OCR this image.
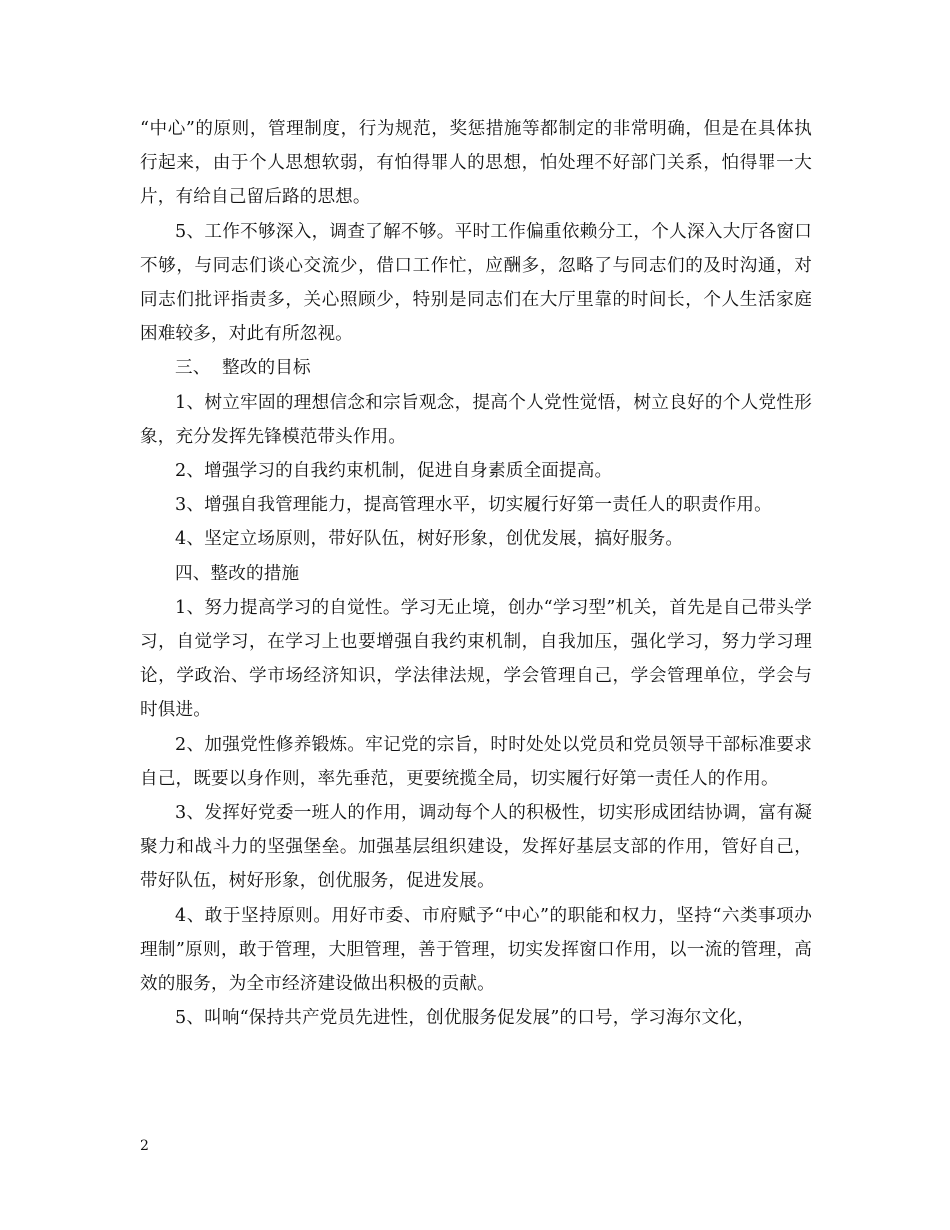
“中心”的原则，管理制度，行为规范，奖惩措施等都制定的非常明确，但是在具体执行起来，由于个人思想软弱，有怕得罪人的思想，怕处理不好部门关系，怕得罪一大片，有给自己留后路的思想。

5、工作不够深入，调查了解不够。平时工作偏重依赖分工，个人深入大厅各窗口不够，与同志们谈心交流少，借口工作忙，应酬多，忽略了与同志们的及时沟通，对同志们批评指责多，关心照顾少，特别是同志们在大厅里靠的时间长，个人生活家庭困难较多，对此有所忽视。

三、  整改的目标

1、树立牢固的理想信念和宗旨观念，提高个人党性觉悟，树立良好的个人党性形象，充分发挥先锋模范带头作用。

2、增强学习的自我约束机制，促进自身素质全面提高。

3、增强自我管理能力，提高管理水平，切实履行好第一责任人的职责作用。

4、坚定立场原则，带好队伍，树好形象，创优发展，搞好服务。

四、整改的措施

1、努力提高学习的自觉性。学习无止境，创办“学习型”机关，首先是自己带头学习，自觉学习，在学习上也要增强自我约束机制，自我加压，强化学习，努力学习理论，学政治、学市场经济知识，学法律法规，学会管理自己，学会管理单位，学会与时俱进。

2、加强党性修养锻炼。牢记党的宗旨，时时处处以党员和党员领导干部标准要求自己，既要以身作则，率先垂范，更要统揽全局，切实履行好第一责任人的作用。

3、发挥好党委一班人的作用，调动每个人的积极性，切实形成团结协调，富有凝聚力和战斗力的坚强堡垒。加强基层组织建设，发挥好基层支部的作用，管好自己，带好队伍，树好形象，创优服务，促进发展。

4、敢于坚持原则。用好市委、市府赋予“中心”的职能和权力，坚持“六类事项办理制”原则，敢于管理，大胆管理，善于管理，切实发挥窗口作用，以一流的管理，高效的服务，为全市经济建设做出积极的贡献。

5、叫响“保持共产党员先进性，创优服务促发展”的口号，学习海尔文化，

2
